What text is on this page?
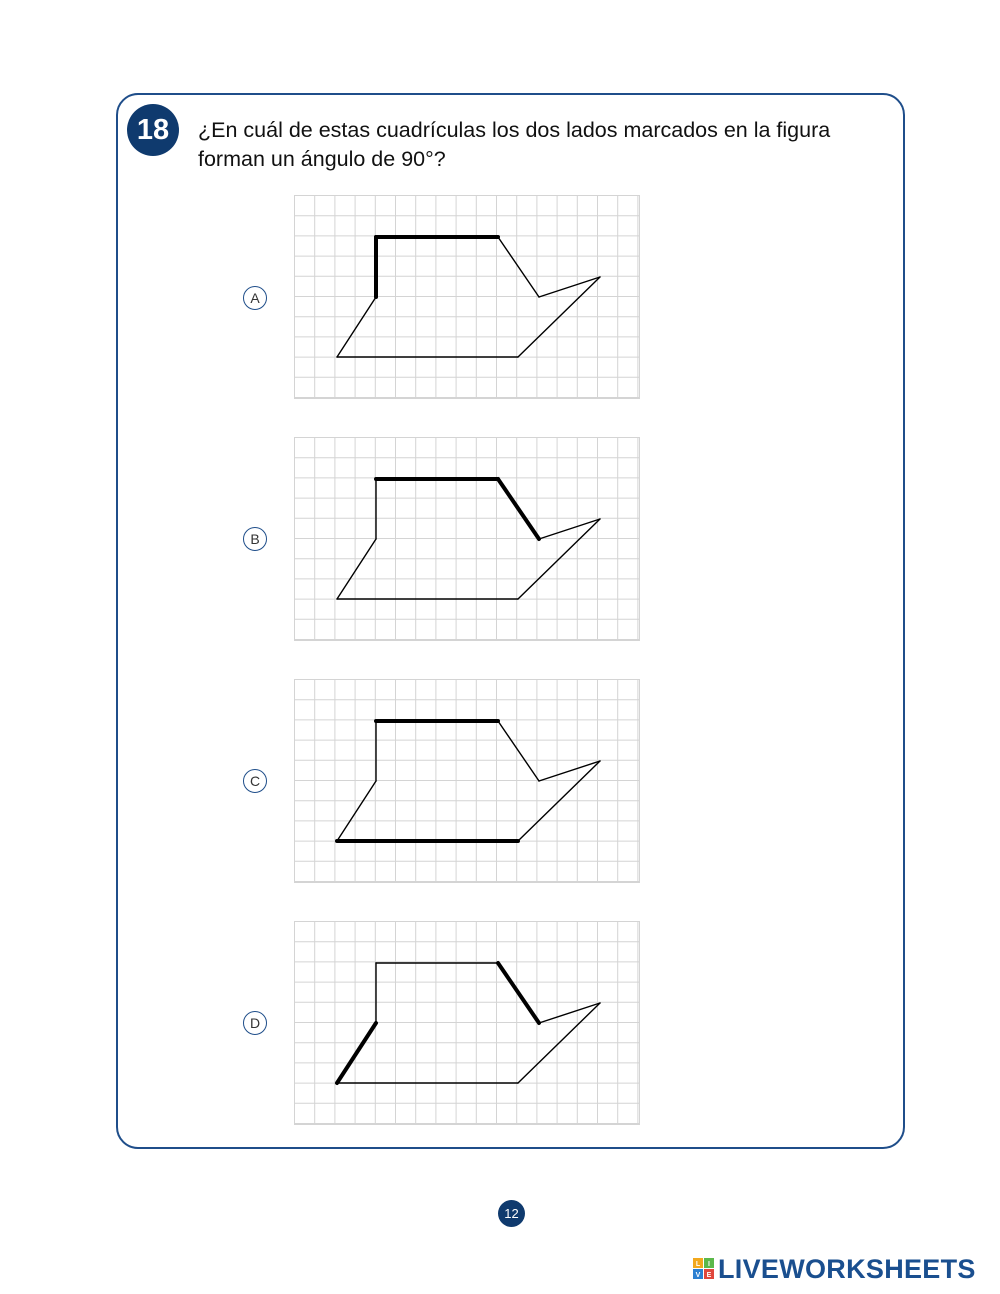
18	¿En cuál de estas cuadrículas los dos lados marcados en la figura forman un ángulo de 90°?
A
B
C
D
12
L I
V E LIVEWORKSHEETS
